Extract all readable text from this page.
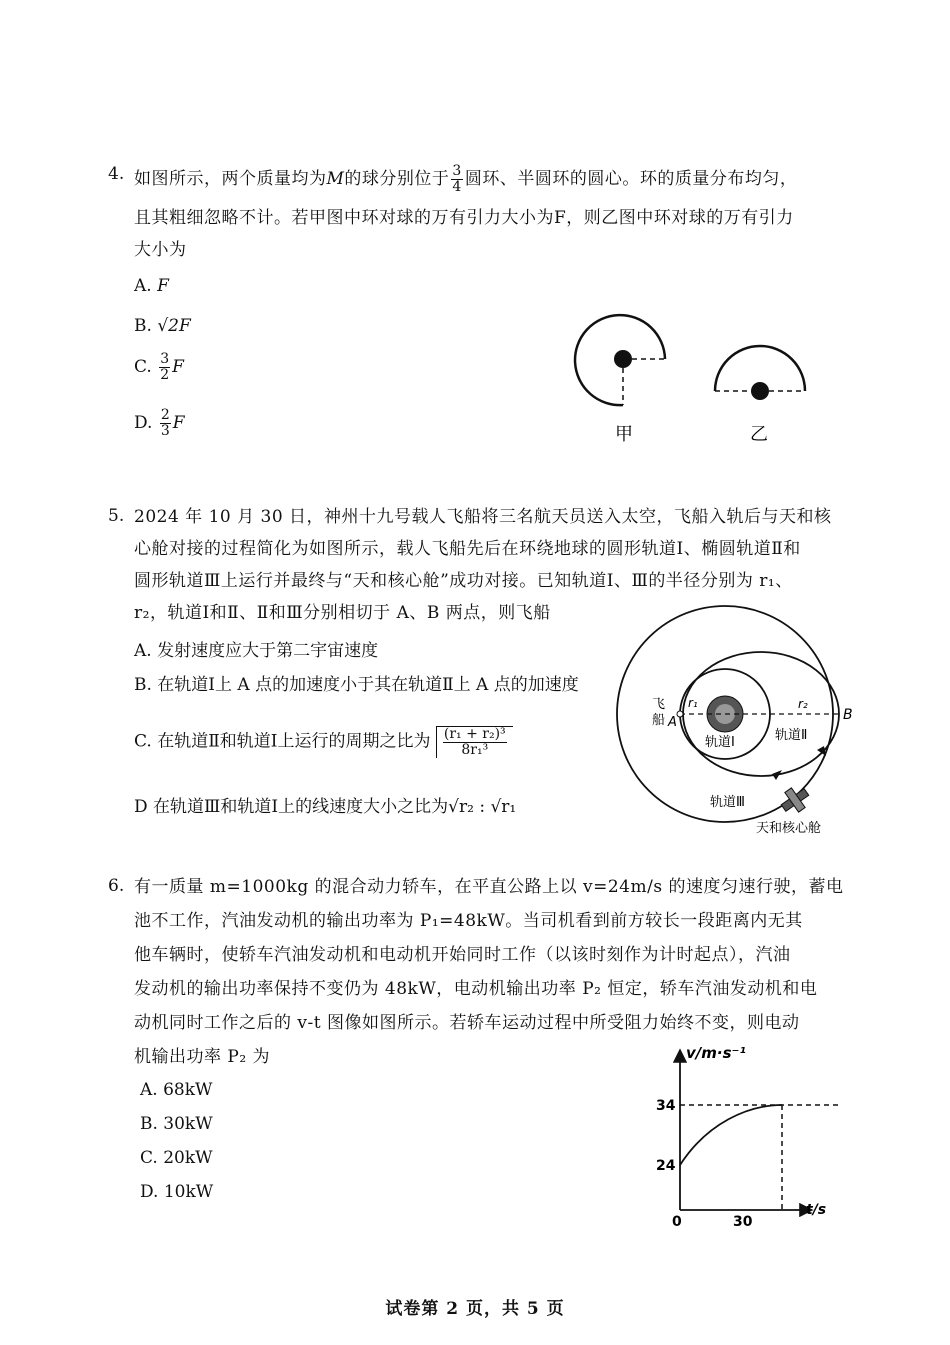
4. 如图所示，两个质量均为M的球分别位于 $\frac{3}{4}$ 圆环、半圆环的圆心。环的质量分布均匀，
且其粗细忽略不计。若甲图中环对球的万有引力大小为F，则乙图中环对球的万有引力
大小为
A. F
B. √2F
C. $\frac{3}{2}$ F
D. $\frac{2}{3}$ F
甲	乙
5. 2024 年 10 月 30 日，神州十九号载人飞船将三名航天员送入太空，飞船入轨后与天和核
心舱对接的过程简化为如图所示，载人飞船先后在环绕地球的圆形轨道Ⅰ、椭圆轨道Ⅱ和
圆形轨道Ⅲ上运行并最终与“天和核心舱”成功对接。已知轨道Ⅰ、Ⅲ的半径分别为 r₁、
r₂，轨道Ⅰ和Ⅱ、Ⅱ和Ⅲ分别相切于 A、B 两点，则飞船
A. 发射速度应大于第二宇宙速度
B. 在轨道Ⅰ上 A 点的加速度小于其在轨道Ⅱ上 A 点的加速度
C. 在轨道Ⅱ和轨道Ⅰ上运行的周期之比为 $\frac{\text{(r₁ + r₂)³}}{\text{8r₁³}}$
D 在轨道Ⅲ和轨道Ⅰ上的线速度大小之比为√r₂ : √r₁
飞
船 A	B
r₁	r₂
轨道Ⅰ	轨道Ⅱ
轨道Ⅲ
天和核心舱
6. 有一质量 m=1000kg 的混合动力轿车，在平直公路上以 v=24m/s 的速度匀速行驶，蓄电
池不工作，汽油发动机的输出功率为 P₁=48kW。当司机看到前方较长一段距离内无其
他车辆时，使轿车汽油发动机和电动机开始同时工作（以该时刻作为计时起点），汽油
发动机的输出功率保持不变仍为 48kW，电动机输出功率 P₂ 恒定，轿车汽油发动机和电
动机同时工作之后的 v-t 图像如图所示。若轿车运动过程中所受阻力始终不变，则电动
机输出功率 P₂ 为
A. 68kW
B. 30kW
C. 20kW
D. 10kW
v/m·s⁻¹
t/s
34
24
0	30
试卷第 2 页，共 5 页
